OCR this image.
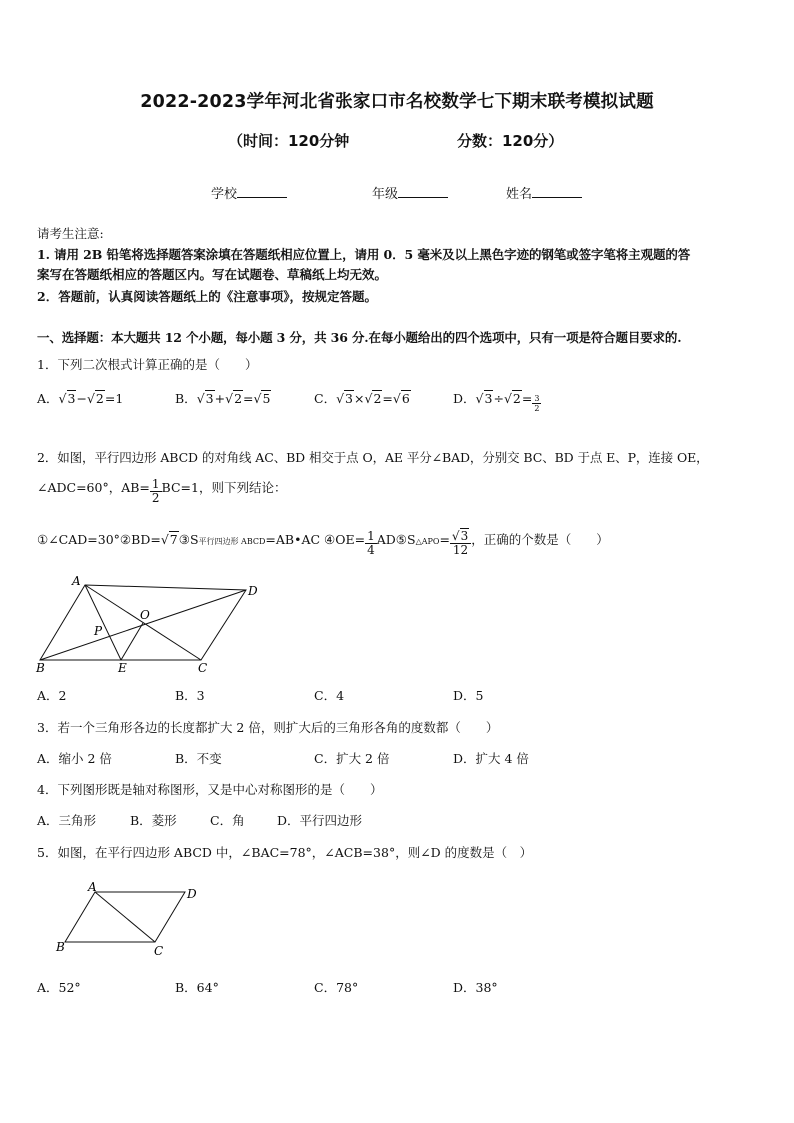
2022-2023学年河北省张家口市名校数学七下期末联考模拟试题
（时间：120分钟	分数：120分）
学校	年级	姓名
请考生注意:
1. 请用 2B 铅笔将选择题答案涂填在答题纸相应位置上，请用 0．5 毫米及以上黑色字迹的钢笔或签字笔将主观题的答
案写在答题纸相应的答题区内。写在试题卷、草稿纸上均无效。
2．答题前，认真阅读答题纸上的《注意事项》，按规定答题。
一、选择题：本大题共 12 个小题，每小题 3 分，共 36 分.在每小题给出的四个选项中，只有一项是符合题目要求的.
1．下列二次根式计算正确的是（　　）
A．√3−√2=1	B．√3+√2=√5	C．√3×√2=√6	D．$√3\div√2= \frac{3}{2}$
2．如图，平行四边形 ABCD 的对角线 AC、BD 相交于点 O，AE 平分∠BAD，分别交 BC、BD 于点 E、P，连接 OE，
∠ADC=60°，$AB= \frac{1}{2} BC=1$，则下列结论：
①∠CAD=30°②BD=√7③S平行四边形 ABCD=AB•AC ④OE= $\frac{1}{4}$ AD⑤S△APO= $\frac{√3}{12}$ ，正确的个数是（　　）
A
D
O
P
B	E	C
A．2	B．3	C．4	D．5
3．若一个三角形各边的长度都扩大 2 倍，则扩大后的三角形各角的度数都（　　）
A．缩小 2 倍	B．不变	C．扩大 2 倍	D．扩大 4 倍
4．下列图形既是轴对称图形，又是中心对称图形的是（　　）
A．三角形	B．菱形	C．角	D．平行四边形
5．如图，在平行四边形 ABCD 中，∠BAC=78°，∠ACB=38°，则∠D 的度数是（　）
A	D
B	C
A．52°	B．64°	C．78°	D．38°
